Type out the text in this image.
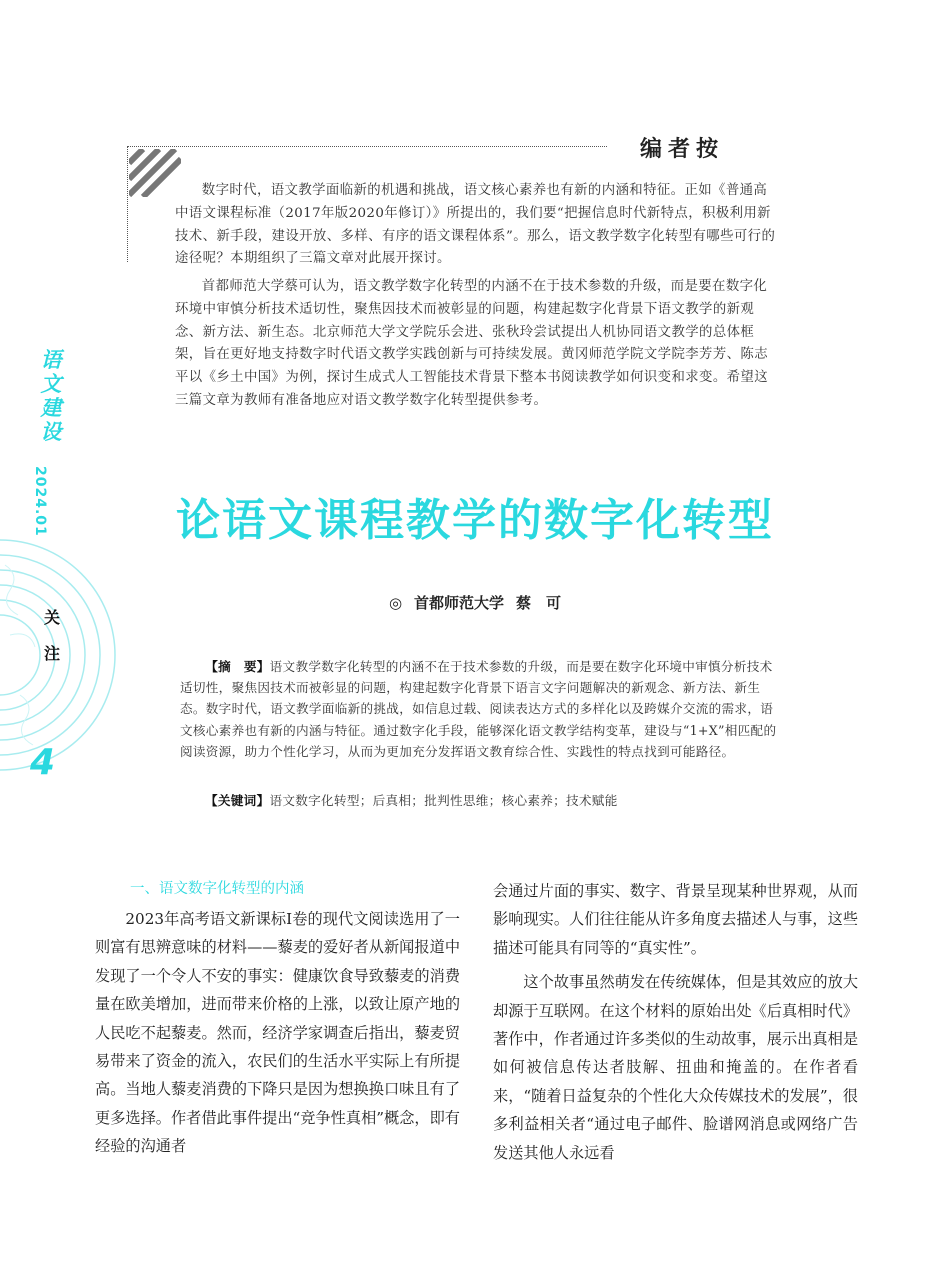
编者按

数字时代，语文教学面临新的机遇和挑战，语文核心素养也有新的内涵和特征。正如《普通高中语文课程标准（2017年版2020年修订）》所提出的，我们要“把握信息时代新特点，积极利用新技术、新手段，建设开放、多样、有序的语文课程体系”。那么，语文教学数字化转型有哪些可行的途径呢？本期组织了三篇文章对此展开探讨。

首都师范大学蔡可认为，语文教学数字化转型的内涵不在于技术参数的升级，而是要在数字化环境中审慎分析技术适切性，聚焦因技术而被彰显的问题，构建起数字化背景下语文教学的新观念、新方法、新生态。北京师范大学文学院乐会进、张秋玲尝试提出人机协同语文教学的总体框架，旨在更好地支持数字时代语文教学实践创新与可持续发展。黄冈师范学院文学院李芳芳、陈志平以《乡土中国》为例，探讨生成式人工智能技术背景下整本书阅读教学如何识变和求变。希望这三篇文章为教师有准备地应对语文教学数字化转型提供参考。

语文建设
2024.01
关注
4
论语文课程教学的数字化转型
◎ 首都师范大学 蔡　可

【摘　要】语文教学数字化转型的内涵不在于技术参数的升级，而是要在数字化环境中审慎分析技术适切性，聚焦因技术而被彰显的问题，构建起数字化背景下语言文字问题解决的新观念、新方法、新生态。数字时代，语文教学面临新的挑战，如信息过载、阅读表达方式的多样化以及跨媒介交流的需求，语文核心素养也有新的内涵与特征。通过数字化手段，能够深化语文教学结构变革，建设与“1+X”相匹配的阅读资源，助力个性化学习，从而为更加充分发挥语文教育综合性、实践性的特点找到可能路径。

【关键词】语文数字化转型；后真相；批判性思维；核心素养；技术赋能

一、语文数字化转型的内涵

2023年高考语文新课标Ⅰ卷的现代文阅读选用了一则富有思辨意味的材料——藜麦的爱好者从新闻报道中发现了一个令人不安的事实：健康饮食导致藜麦的消费量在欧美增加，进而带来价格的上涨，以致让原产地的人民吃不起藜麦。然而，经济学家调查后指出，藜麦贸易带来了资金的流入，农民们的生活水平实际上有所提高。当地人藜麦消费的下降只是因为想换换口味且有了更多选择。作者借此事件提出“竞争性真相”概念，即有经验的沟通者

会通过片面的事实、数字、背景呈现某种世界观，从而影响现实。人们往往能从许多角度去描述人与事，这些描述可能具有同等的“真实性”。

这个故事虽然萌发在传统媒体，但是其效应的放大却源于互联网。在这个材料的原始出处《后真相时代》著作中，作者通过许多类似的生动故事，展示出真相是如何被信息传达者肢解、扭曲和掩盖的。在作者看来，“随着日益复杂的个性化大众传媒技术的发展”，很多利益相关者“通过电子邮件、脸谱网消息或网络广告发送其他人永远看
